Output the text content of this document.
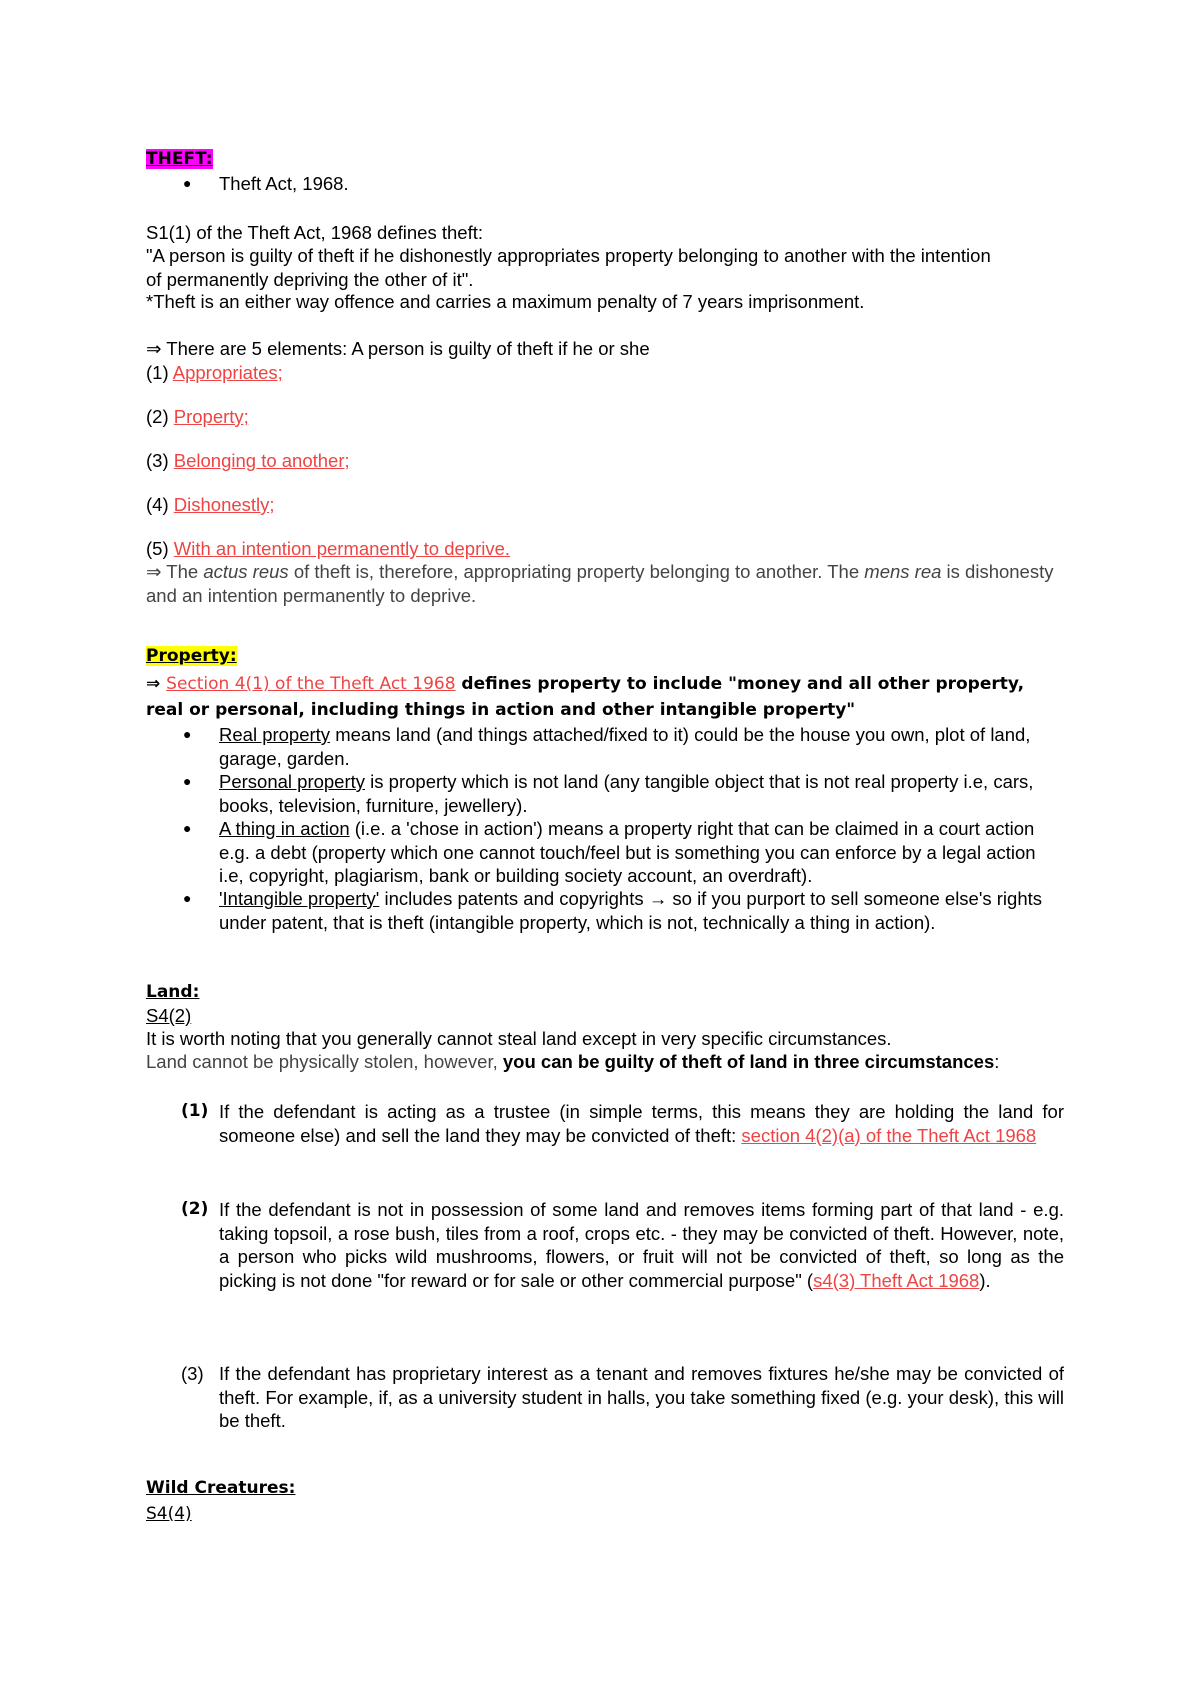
THEFT:
● Theft Act, 1968.

S1(1) of the Theft Act, 1968 defines theft:

"A person is guilty of theft if he dishonestly appropriates property belonging to another with the intention of permanently depriving the other of it".

*Theft is an either way offence and carries a maximum penalty of 7 years imprisonment.

⇒ There are 5 elements: A person is guilty of theft if he or she

(1) Appropriates;

(2) Property;

(3) Belonging to another;

(4) Dishonestly;

(5) With an intention permanently to deprive.

⇒ The actus reus of theft is, therefore, appropriating property belonging to another. The mens rea is dishonesty and an intention permanently to deprive.

Property:

⇒ Section 4(1) of the Theft Act 1968 defines property to include "money and all other property, real or personal, including things in action and other intangible property"

● Real property means land (and things attached/fixed to it) could be the house you own, plot of land, garage, garden.

● Personal property is property which is not land (any tangible object that is not real property i.e, cars, books, television, furniture, jewellery).

● A thing in action (i.e. a 'chose in action') means a property right that can be claimed in a court action e.g. a debt (property which one cannot touch/feel but is something you can enforce by a legal action i.e, copyright, plagiarism, bank or building society account, an overdraft).

● 'Intangible property' includes patents and copyrights → so if you purport to sell someone else's rights under patent, that is theft (intangible property, which is not, technically a thing in action).

Land:

S4(2)

It is worth noting that you generally cannot steal land except in very specific circumstances.

Land cannot be physically stolen, however, you can be guilty of theft of land in three circumstances:

(1) If the defendant is acting as a trustee (in simple terms, this means they are holding the land for someone else) and sell the land they may be convicted of theft: section 4(2)(a) of the Theft Act 1968

(2) If the defendant is not in possession of some land and removes items forming part of that land - e.g. taking topsoil, a rose bush, tiles from a roof, crops etc. - they may be convicted of theft. However, note, a person who picks wild mushrooms, flowers, or fruit will not be convicted of theft, so long as the picking is not done "for reward or for sale or other commercial purpose" (s4(3) Theft Act 1968).

(3) If the defendant has proprietary interest as a tenant and removes fixtures he/she may be convicted of theft. For example, if, as a university student in halls, you take something fixed (e.g. your desk), this will be theft.

Wild Creatures:
S4(4)
